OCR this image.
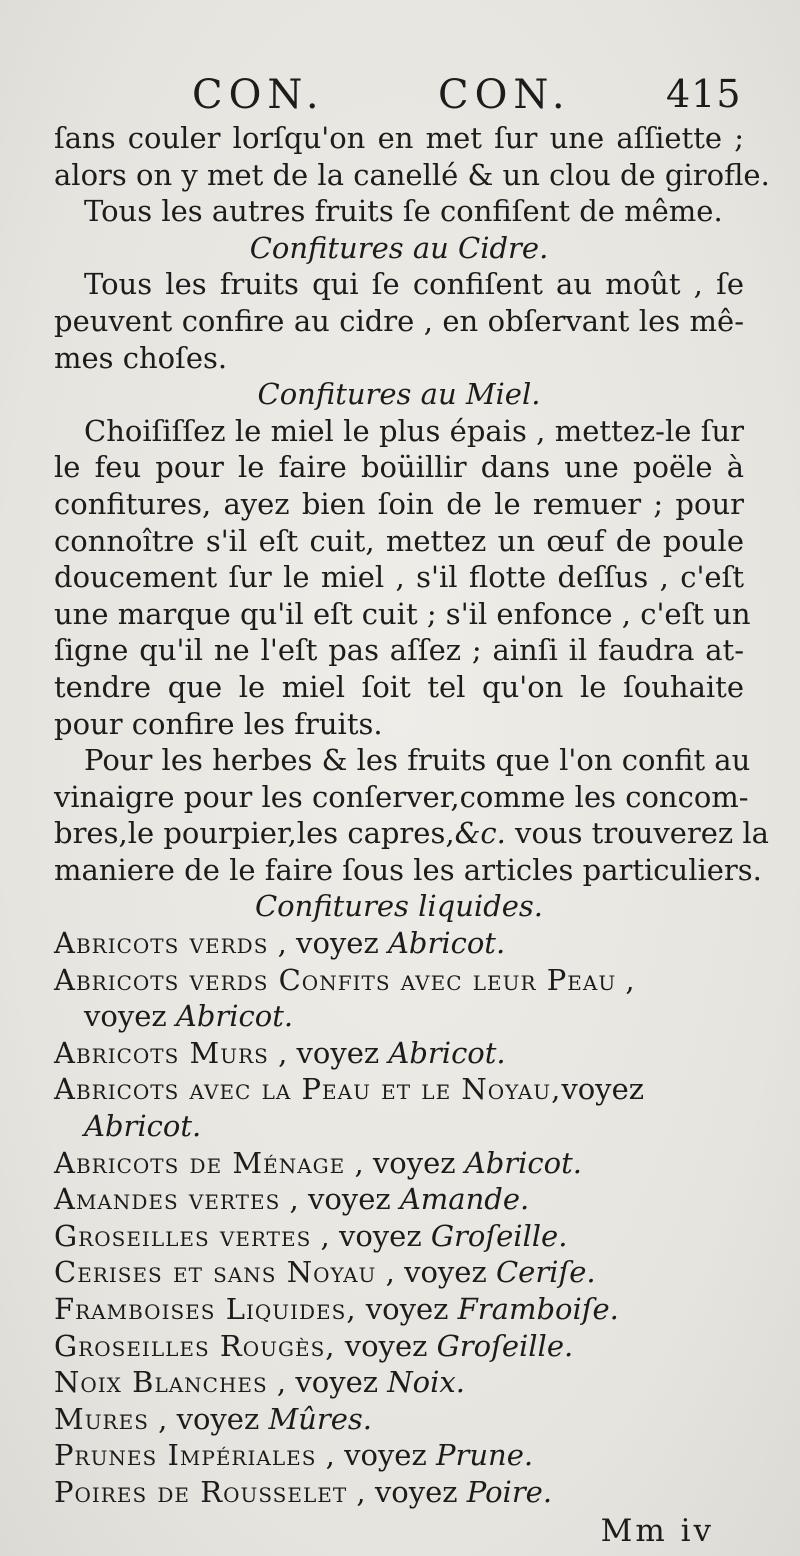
CON.	CON.	415
ſans couler lorſqu'on en met ſur une aſſiette ;
alors on y met de la canellé & un clou de girofle.
Tous les autres fruits ſe confiſent de même.
Confitures au Cidre.
Tous les fruits qui ſe confiſent au moût , ſe
peuvent confire au cidre , en obſervant les mê-
mes choſes.
Confitures au Miel.
Choiſiſſez le miel le plus épais , mettez-le ſur
le feu pour le faire boüillir dans une poële à
confitures, ayez bien ſoin de le remuer ; pour
connoître s'il eſt cuit, mettez un œuf de poule
doucement ſur le miel , s'il flotte deſſus , c'eſt
une marque qu'il eſt cuit ; s'il enfonce , c'eſt un
ſigne qu'il ne l'eſt pas aſſez ; ainſi il faudra at-
tendre que le miel ſoit tel qu'on le ſouhaite
pour confire les fruits.
Pour les herbes & les fruits que l'on confit au
vinaigre pour les conſerver,comme les concom-
bres,le pourpier,les capres,&c. vous trouverez la
maniere de le faire ſous les articles particuliers.
Confitures liquides.
Abricots verds , voyez Abricot.
Abricots verds Confits avec leur Peau ,
voyez Abricot.
Abricots Murs , voyez Abricot.
Abricots avec la Peau et le Noyau,voyez
Abricot.
Abricots de Ménage , voyez Abricot.
Amandes vertes , voyez Amande.
Groseilles vertes , voyez Groſeille.
Cerises et sans Noyau , voyez Ceriſe.
Framboises Liquides, voyez Framboiſe.
Groseilles Rougès, voyez Groſeille.
Noix Blanches , voyez Noix.
Mures , voyez Mûres.
Prunes Impériales , voyez Prune.
Poires de Rousselet , voyez Poire.
Mm iv
